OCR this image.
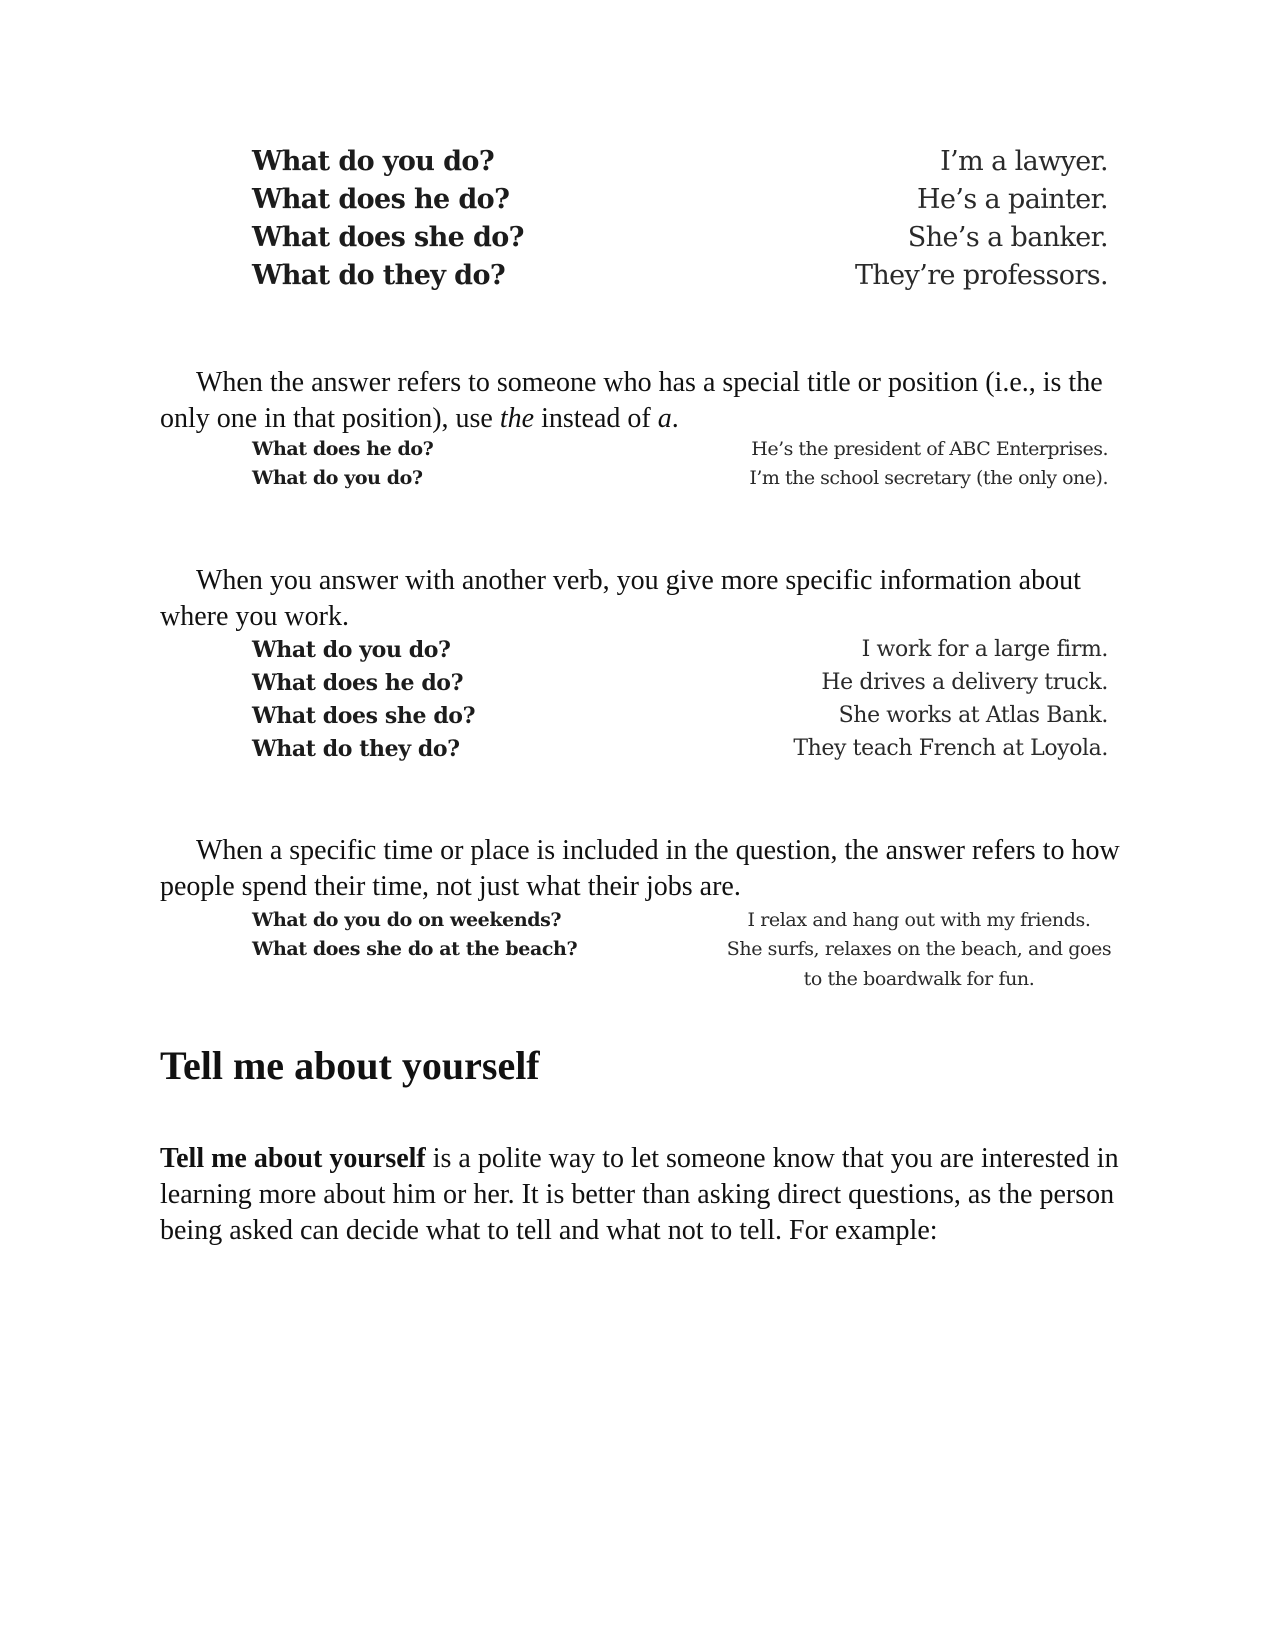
What do you do?	I’m a lawyer.
What does he do?	He’s a painter.
What does she do?	She’s a banker.
What do they do?	They’re professors.

When the answer refers to someone who has a special title or position (i.e., is the only one in that position), use the instead of a.

What does he do?	He’s the president of ABC Enterprises.
What do you do?	I’m the school secretary (the only one).

When you answer with another verb, you give more specific information about where you work.

What do you do?	I work for a large firm.
What does he do?	He drives a delivery truck.
What does she do?	She works at Atlas Bank.
What do they do?	They teach French at Loyola.

When a specific time or place is included in the question, the answer refers to how people spend their time, not just what their jobs are.

What do you do on weekends?	I relax and hang out with my friends.
What does she do at the beach?	She surfs, relaxes on the beach, and goes to the boardwalk for fun.
Tell me about yourself

Tell me about yourself is a polite way to let someone know that you are interested in learning more about him or her. It is better than asking direct questions, as the person being asked can decide what to tell and what not to tell. For example:
